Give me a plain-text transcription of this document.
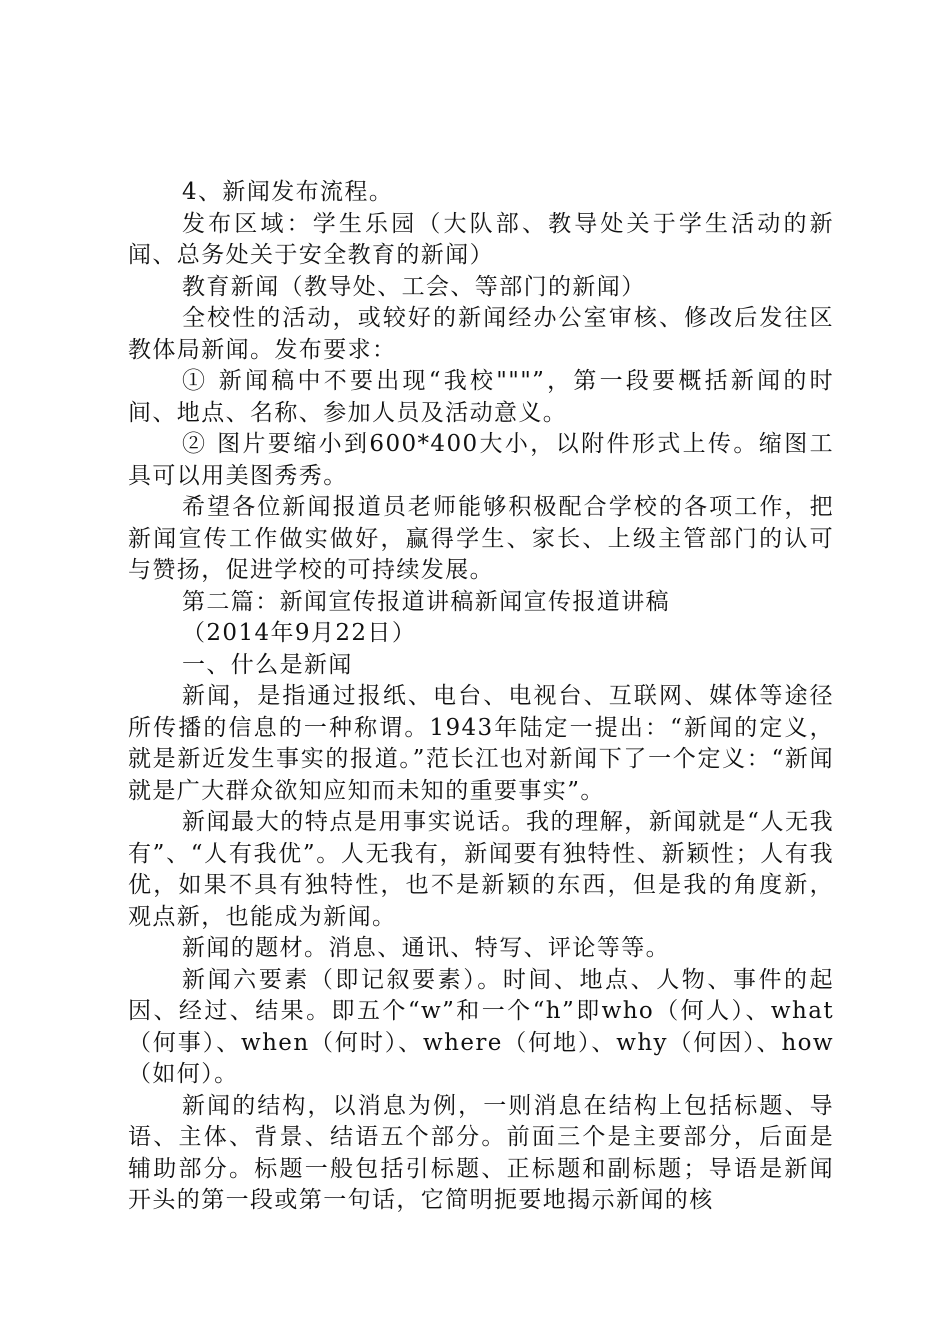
4、新闻发布流程。

发布区域：学生乐园（大队部、教导处关于学生活动的新闻、总务处关于安全教育的新闻）

教育新闻（教导处、工会、等部门的新闻）

全校性的活动，或较好的新闻经办公室审核、修改后发往区教体局新闻。发布要求：

① 新闻稿中不要出现“我校"""”，第一段要概括新闻的时间、地点、名称、参加人员及活动意义。

② 图片要缩小到600*400大小，以附件形式上传。缩图工具可以用美图秀秀。

希望各位新闻报道员老师能够积极配合学校的各项工作，把新闻宣传工作做实做好，赢得学生、家长、上级主管部门的认可与赞扬，促进学校的可持续发展。

第二篇：新闻宣传报道讲稿新闻宣传报道讲稿

（2014年9月22日）

一、什么是新闻

新闻，是指通过报纸、电台、电视台、互联网、媒体等途径所传播的信息的一种称谓。1943年陆定一提出：“新闻的定义，就是新近发生事实的报道。”范长江也对新闻下了一个定义：“新闻就是广大群众欲知应知而未知的重要事实”。

新闻最大的特点是用事实说话。我的理解，新闻就是“人无我有”、“人有我优”。人无我有，新闻要有独特性、新颖性；人有我优，如果不具有独特性，也不是新颖的东西，但是我的角度新，观点新，也能成为新闻。

新闻的题材。消息、通讯、特写、评论等等。

新闻六要素（即记叙要素）。时间、地点、人物、事件的起因、经过、结果。即五个“w”和一个“h”即who（何人）、what（何事）、when（何时）、where（何地）、why（何因）、how（如何）。

新闻的结构，以消息为例，一则消息在结构上包括标题、导语、主体、背景、结语五个部分。前面三个是主要部分，后面是辅助部分。标题一般包括引标题、正标题和副标题；导语是新闻开头的第一段或第一句话，它简明扼要地揭示新闻的核
